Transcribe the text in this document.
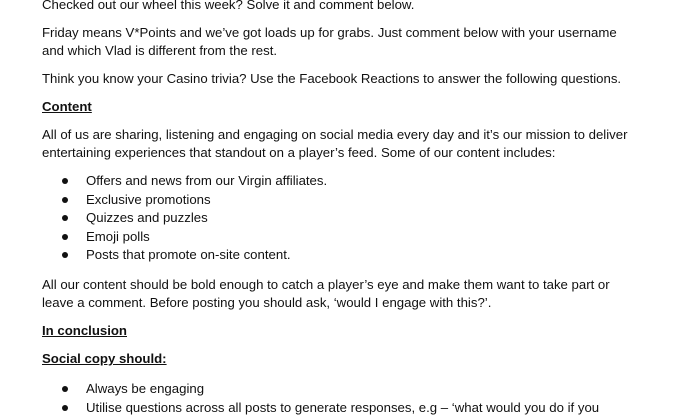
Checked out our wheel this week? Solve it and comment below.

Friday means V*Points and we’ve got loads up for grabs. Just comment below with your username and which Vlad is different from the rest.

Think you know your Casino trivia? Use the Facebook Reactions to answer the following questions.

Content

All of us are sharing, listening and engaging on social media every day and it’s our mission to deliver entertaining experiences that standout on a player’s feed. Some of our content includes:

Offers and news from our Virgin affiliates.
Exclusive promotions
Quizzes and puzzles
Emoji polls
Posts that promote on-site content.

All our content should be bold enough to catch a player’s eye and make them want to take part or leave a comment. Before posting you should ask, ‘would I engage with this?’.

In conclusion

Social copy should:

Always be engaging
Utilise questions across all posts to generate responses, e.g – ‘what would you do if you
